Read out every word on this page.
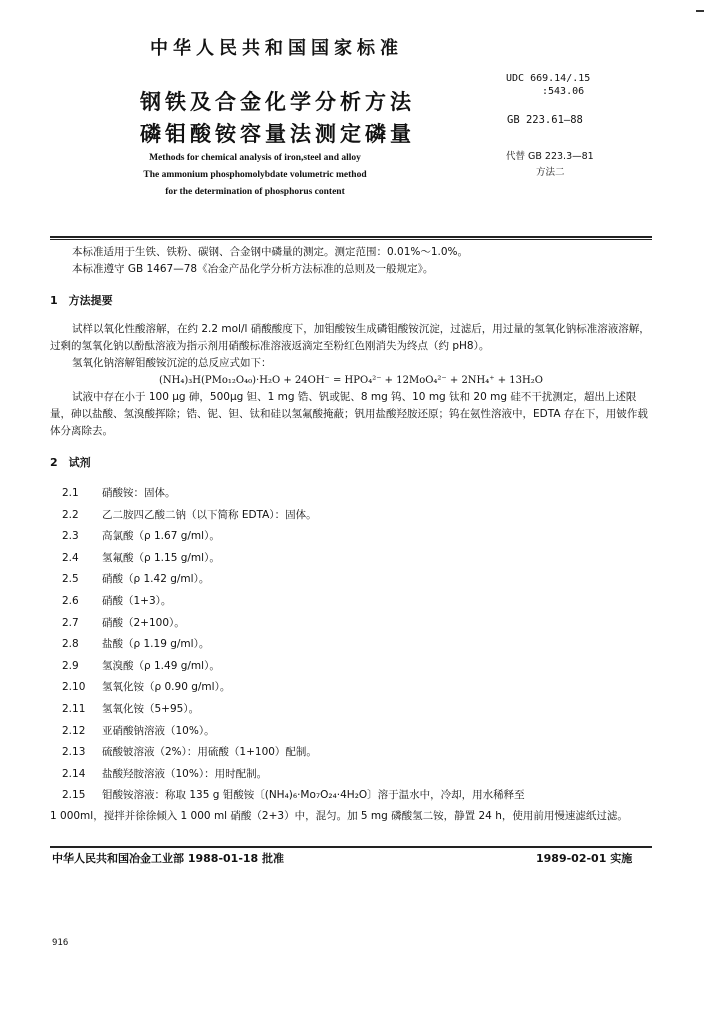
中华人民共和国国家标准
钢铁及合金化学分析方法
磷钼酸铵容量法测定磷量
UDC 669.14/.15
:543.06
GB 223.61—88
Methods for chemical analysis of iron,steel and alloy
The ammonium phosphomolybdate volumetric method
for the determination of phosphorus content
代替 GB 223.3—81
方法二

本标准适用于生铁、铁粉、碳钢、合金钢中磷量的测定。测定范围：0.01%～1.0%。

本标准遵守 GB 1467—78《冶金产品化学分析方法标准的总则及一般规定》。

1　方法提要

试样以氧化性酸溶解，在约 2.2 mol/l 硝酸酸度下，加钼酸铵生成磷钼酸铵沉淀，过滤后，用过量的氢氧化钠标准溶液溶解，过剩的氢氧化钠以酚酞溶液为指示剂用硝酸标准溶液返滴定至粉红色刚消失为终点（约 pH8）。

氢氧化钠溶解钼酸铵沉淀的总反应式如下：

(NH₄)₃H(PMo₁₂O₄₀)·H₂O + 24OH⁻ = HPO₄²⁻ + 12MoO₄²⁻ + 2NH₄⁺ + 13H₂O

试液中存在小于 100 μg 砷，500μg 钽、1 mg 锆、钒或铌、8 mg 钨、10 mg 钛和 20 mg 硅不干扰测定，超出上述限量，砷以盐酸、氢溴酸挥除；锆、铌、钽、钛和硅以氢氟酸掩蔽；钒用盐酸羟胺还原；钨在氨性溶液中，EDTA 存在下，用铍作载体分离除去。

2　试剂
2.1	硝酸铵：固体。
2.2	乙二胺四乙酸二钠（以下简称 EDTA）：固体。
2.3	高氯酸（ρ 1.67 g/ml）。
2.4	氢氟酸（ρ 1.15 g/ml）。
2.5	硝酸（ρ 1.42 g/ml）。
2.6	硝酸（1+3）。
2.7	硝酸（2+100）。
2.8	盐酸（ρ 1.19 g/ml）。
2.9	氢溴酸（ρ 1.49 g/ml）。
2.10	氢氧化铵（ρ 0.90 g/ml）。
2.11	氢氧化铵（5+95）。
2.12	亚硝酸钠溶液（10%）。
2.13	硫酸铍溶液（2%）：用硫酸（1+100）配制。
2.14	盐酸羟胺溶液（10%）：用时配制。
2.15	钼酸铵溶液：称取 135 g 钼酸铵〔(NH₄)₆·Mo₇O₂₄·4H₂O〕溶于温水中，冷却，用水稀释至

1 000ml，搅拌并徐徐倾入 1 000 ml 硝酸（2+3）中，混匀。加 5 mg 磷酸氢二铵，静置 24 h，使用前用慢速滤纸过滤。

中华人民共和国冶金工业部 1988-01-18 批准	1989-02-01 实施
916
